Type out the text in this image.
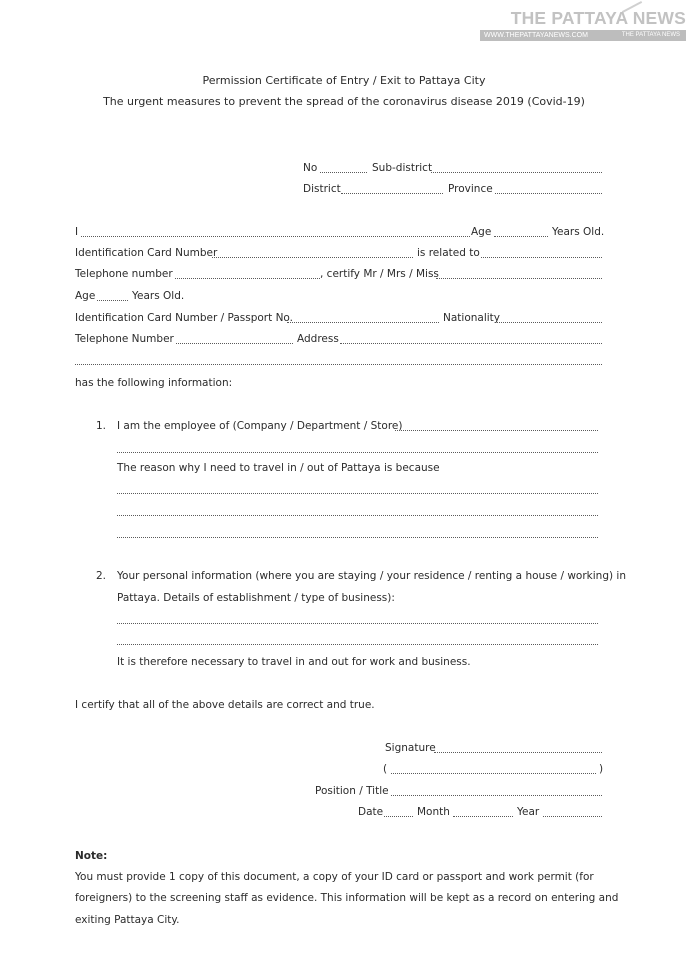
THE PATTAYA NEWS
WWW.THEPATTAYANEWS.COM	THE PATTAYA NEWS
Permission Certificate of Entry / Exit to Pattaya City
The urgent measures to prevent the spread of the coronavirus disease 2019 (Covid-19)
No	Sub-district
District	Province
I	Age	Years Old.
Identification Card Number	is related to
Telephone number	, certify Mr / Mrs / Miss
Age	Years Old.
Identification Card Number / Passport No.	Nationality
Telephone Number	Address
has the following information:
1. I am the employee of (Company / Department / Store)
The reason why I need to travel in / out of Pattaya is because
2. Your personal information (where you are staying / your residence / renting a house / working) in
Pattaya. Details of establishment / type of business):
It is therefore necessary to travel in and out for work and business.
I certify that all of the above details are correct and true.
Signature
(	)
Position / Title
Date	Month	Year
Note:
You must provide 1 copy of this document, a copy of your ID card or passport and work permit (for
foreigners) to the screening staff as evidence. This information will be kept as a record on entering and
exiting Pattaya City.
